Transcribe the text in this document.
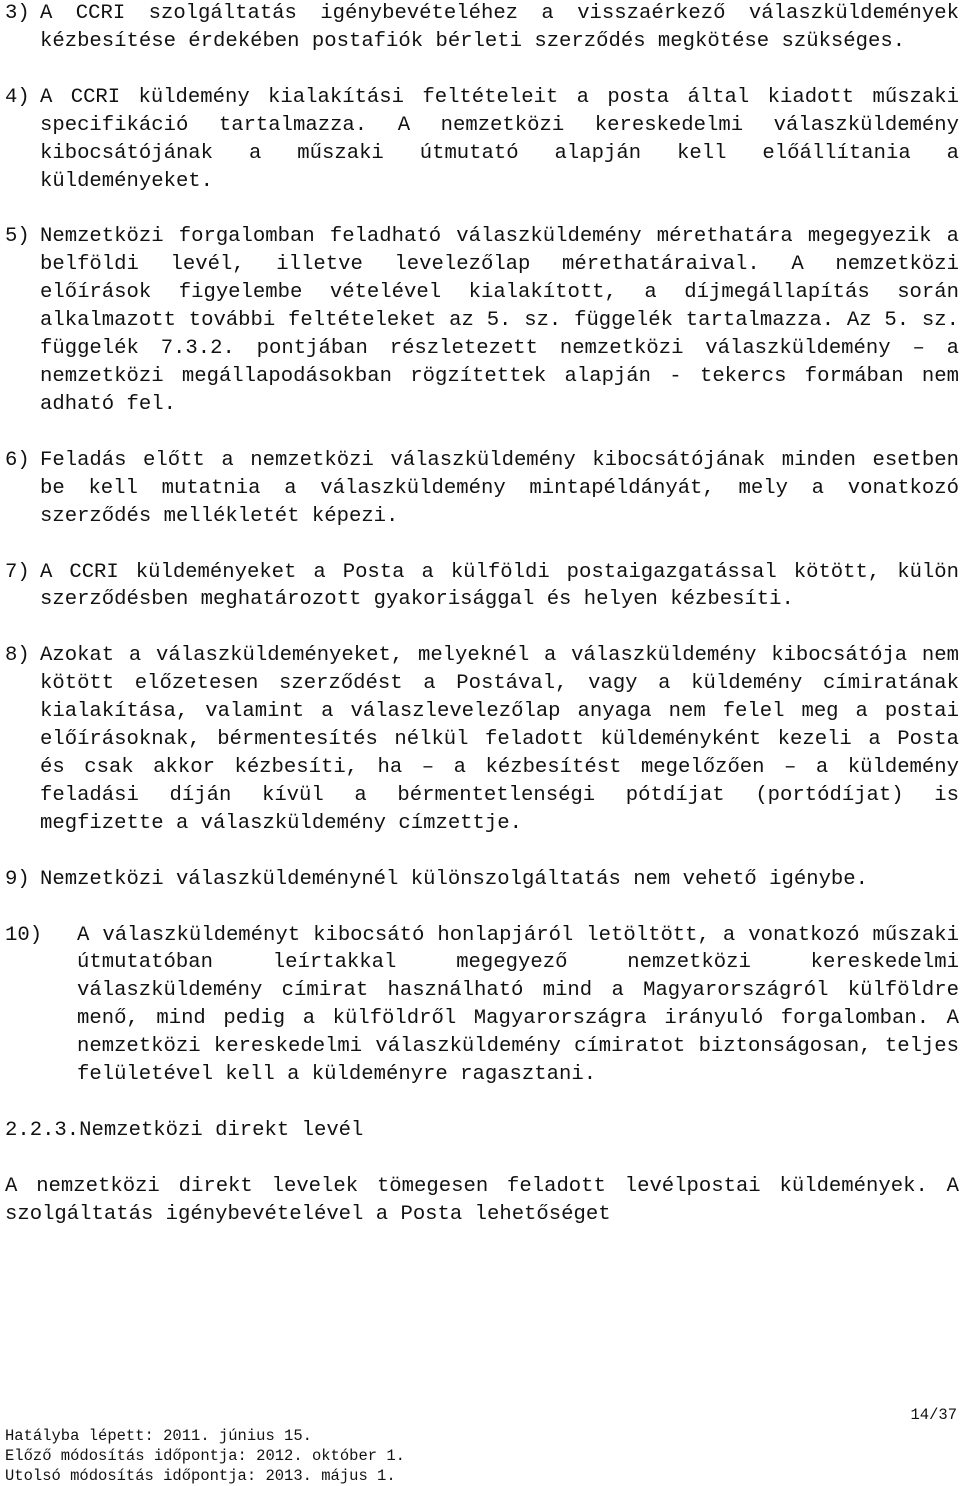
3) A CCRI szolgáltatás igénybevételéhez a visszaérkező válaszküldemények kézbesítése érdekében postafiók bérleti szerződés megkötése szükséges.
4) A CCRI küldemény kialakítási feltételeit a posta által kiadott műszaki specifikáció tartalmazza. A nemzetközi kereskedelmi válaszküldemény kibocsátójának a műszaki útmutató alapján kell előállítania a küldeményeket.
5) Nemzetközi forgalomban feladható válaszküldemény mérethatára megegyezik a belföldi levél, illetve levelezőlap mérethatáraival. A nemzetközi előírások figyelembe vételével kialakított, a díjmegállapítás során alkalmazott további feltételeket az 5. sz. függelék tartalmazza. Az 5. sz. függelék 7.3.2. pontjában részletezett nemzetközi válaszküldemény – a nemzetközi megállapodásokban rögzítettek alapján - tekercs formában nem adható fel.
6) Feladás előtt a nemzetközi válaszküldemény kibocsátójának minden esetben be kell mutatnia a válaszküldemény mintapéldányát, mely a vonatkozó szerződés mellékletét képezi.
7) A CCRI küldeményeket a Posta a külföldi postaigazgatással kötött, külön szerződésben meghatározott gyakorisággal és helyen kézbesíti.
8) Azokat a válaszküldeményeket, melyeknél a válaszküldemény kibocsátója nem kötött előzetesen szerződést a Postával, vagy a küldemény címiratának kialakítása, valamint a válaszlevelezőlap anyaga nem felel meg a postai előírásoknak, bérmentesítés nélkül feladott küldeményként kezeli a Posta és csak akkor kézbesíti, ha – a kézbesítést megelőzően – a küldemény feladási díján kívül a bérmentetlenségi pótdíjat (portódíjat) is megfizette a válaszküldemény címzettje.
9) Nemzetközi válaszküldeménynél különszolgáltatás nem vehető igénybe.
10)	A válaszküldeményt kibocsátó honlapjáról letöltött, a vonatkozó műszaki útmutatóban leírtakkal megegyező nemzetközi kereskedelmi válaszküldemény címirat használható mind a Magyarországról külföldre menő, mind pedig a külföldről Magyarországra irányuló forgalomban. A nemzetközi kereskedelmi válaszküldemény címiratot biztonságosan, teljes felületével kell a küldeményre ragasztani.
2.2.3.Nemzetközi direkt levél

A nemzetközi direkt levelek tömegesen feladott levélpostai küldemények. A szolgáltatás igénybevételével a Posta lehetőséget

14/37
Hatályba lépett: 2011. június 15.
Előző módosítás időpontja: 2012. október 1.
Utolsó módosítás időpontja: 2013. május 1.
